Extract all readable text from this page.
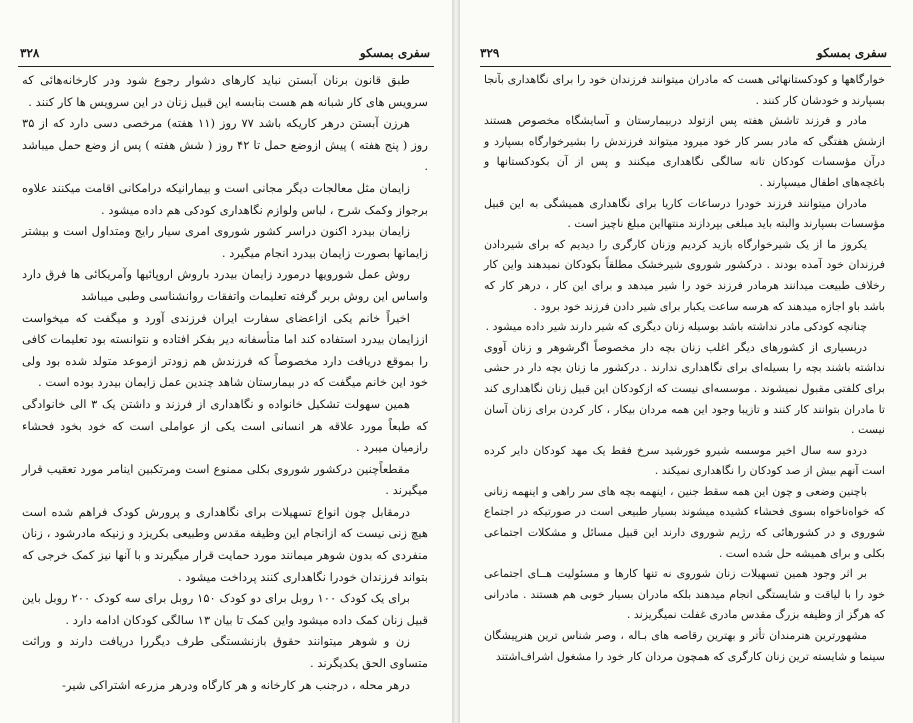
۳۲۸	سفری بمسکو

طبق قانون برنان آبستن نباید کارهای دشوار رجوع شود ودر کارخانه‌هائی که سرویس های کار شبانه هم هست بنابسه این قبیل زنان در این سرویس ها کار کنند .

هرزن آبستن درهر کاریکه باشد ۷۷ روز (۱۱ هفته) مرخصی دسی دارد که از ۳۵ روز ( پنج هفته ) پیش ازوضع حمل تا ۴۲ روز ( شش هفته ) پس از وضع حمل میباشد .

زایمان مثل معالجات دیگر مجانی است و بیمارانیکه درامکانی اقامت میکنند علاوه برجواز وکمک شرح ، لباس ولوازم نگاهداری کودکی هم داده میشود .

زایمان بیدرد اکنون دراسر کشور شوروی امری سیار رایج ومتداول است و بیشتر زایمانها بصورت زایمان بیدرد انجام میگیرد .

روش عمل شورویها درمورد زایمان بیدرد باروش اروپائیها وآمریکائی ها فرق دارد واساس این روش بربر گرفته تعلیمات واتفقات روانشناسی وطبی میباشد

اخیراً خانم یکی ازاعضای سفارت ایران فرزندی آورد و میگفت که میخواست اززایمان بیدرد استفاده کند اما متأسفانه دیر بفکر افتاده و نتوانسته بود تعلیمات کافی را بموقع دریافت دارد مخصوصاً که فرزندش هم زودتر ازموعد متولد شده بود ولی خود این خانم میگفت که در بیمارستان شاهد چندین عمل زایمان بیدرد بوده است .

همین سهولت تشکیل خانواده و نگاهداری از فرزند و داشتن یک ۳ الی خانوادگی که طبعاً مورد علاقه هر انسانی است یکی از عواملی است که خود بخود فحشاء رازمیان میبرد .

مقطعاًچنین درکشور شوروی بکلی ممنوع است ومرتکبین اینامر مورد تعقیب قرار میگیرند .

درمقابل چون انواع تسهیلات برای نگاهداری و پرورش کودک فراهم شده است هیچ زنی نیست که ازانجام این وظیفه مقدس وطبیعی بکریزد و زنیکه مادرشود ، زنان منفردی که بدون شوهر میمانند مورد حمایت قرار میگیرند و با آنها نیز کمک خرجی که بتواند فرزندان خودرا نگاهداری کنند پرداخت میشود .

برای یک کودک ۱۰۰ روبل برای دو کودک ۱۵۰ روبل برای سه کودک ۲۰۰ روبل باین قبیل زنان کمک داده میشود واین کمک تا بیان ۱۳ سالگی کودکان ادامه دارد .

زن و شوهر میتوانند حقوق بازنشستگی طرف دیگررا دریافت دارند و وراثت متساوی الحق یکدیگرند .

درهر محله ، درجنب هر کارخانه و هر کارگاه ودرهر مزرعه اشتراکی شیر-

۳۲۹	سفری بمسکو

خوارگاهها و کودکستانهائی هست که مادران میتوانند فرزندان خود را برای نگاهداری بآنجا بسپارند و خودشان کار کنند .

مادر و فرزند تاشش هفته پس ازتولد دربیمارستان و آسایشگاه مخصوص هستند ازشش هفتگی که مادر بسر کار خود میرود میتواند فرزندش را بشیرخوارگاه بسپارد و درآن مؤسسات کودکان تانه سالگی نگاهداری میکنند و پس از آن بکودکستانها و باغچه‌های اطفال میسپارند .

مادران میتوانند فرزند خودرا درساعات کاریا برای نگاهداری همیشگی به این قبیل مؤسسات بسپارند والبته باید مبلغی بپردازند منتهااین مبلغ ناچیز است .

یکروز ما از یک شیرخوارگاه بازید کردیم وزنان کارگری را دیدیم که برای شیردادن فرزندان خود آمده بودند . درکشور شوروی شیرخشک مطلقاً بکودکان نمیدهند واین کار رخلاف طبیعت میدانند هرمادر فرزند خود را شیر میدهد و برای این کار ، درهر کار که باشد باو اجازه میدهند که هرسه ساعت یکبار برای شیر دادن فرزند خود برود .

چنانچه کودکی مادر نداشته باشد بوسیله زنان دیگری که شیر دارند شیر داده میشود .

دربسیاری از کشورهای دیگر اغلب زنان بچه دار مخصوصاً اگرشوهر و زنان آووی نداشته باشند بچه را بسیله‌ای برای نگاهداری ندارند . درکشور ما زنان بچه دار در حشی برای کلفتی مقبول نمیشوند . موسسه‌ای نیست که ازکودکان این قبیل زنان نگاهداری کند تا مادران بتوانند کار کنند و تازیبا وجود این همه مردان بیکار ، کار کردن برای زنان آسان نیست .

دردو سه سال اخیر موسسه شیرو خورشید سرخ فقط یک مهد کودکان دایر کرده است آنهم بیش از صد کودکان را نگاهداری نمیکند .

باچنین وضعی و چون این همه سقط جنین ، اینهمه بچه های سر راهی و اینهمه زنانی که خواه‌ناخواه بسوی فحشاء کشیده میشوند بسیار طبیعی است در صورتیکه در اجتماع شوروی و در کشورهائی که رژیم شوروی دارند این قبیل مسائل و مشکلات اجتماعی بکلی و برای همیشه حل شده است .

بر اثر وجود همین تسهیلات زنان شوروی نه تنها کارها و مسئولیت هــای اجتماعی خود را با لیاقت و شایستگی انجام میدهند بلکه مادران بسیار خوبی هم هستند . مادرانی که هرگز از وظیفه بزرگ مقدس مادری غفلت نمیگریزند .

مشهورترین هنرمندان تأتر و بهترین رقاصه های بـاله ، وصر شناس ترین هنرپیشگان سینما و شایسته ترین زنان کارگری که همچون مردان کار خود را مشغول اشراف‌اشتند
